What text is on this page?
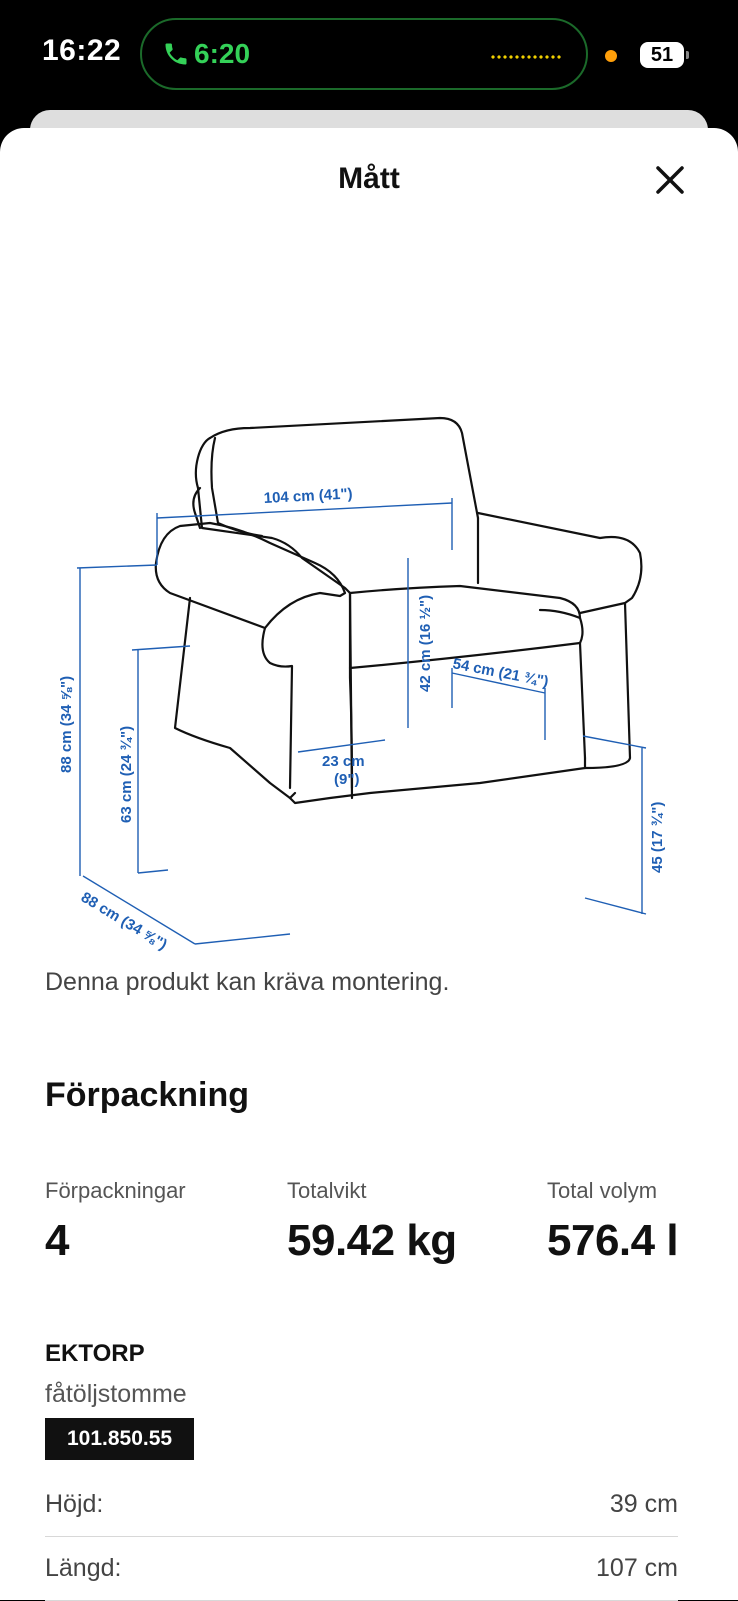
16:22	6:20	51
Mått
104 cm (41")
42 cm (16 ½") 54 cm (21 ¾")
88 cm (34 ⅝")
63 cm (24 ¾")	23 cm
(9")
45 (17 ¾")
88 cm (34 ⅝")
Denna produkt kan kräva montering.
Förpackning
Förpackningar
4
Totalvikt
59.42 kg
Total volym
576.4 l
EKTORP
fåtöljstomme
101.850.55
Höjd:	39 cm
Längd:	107 cm
